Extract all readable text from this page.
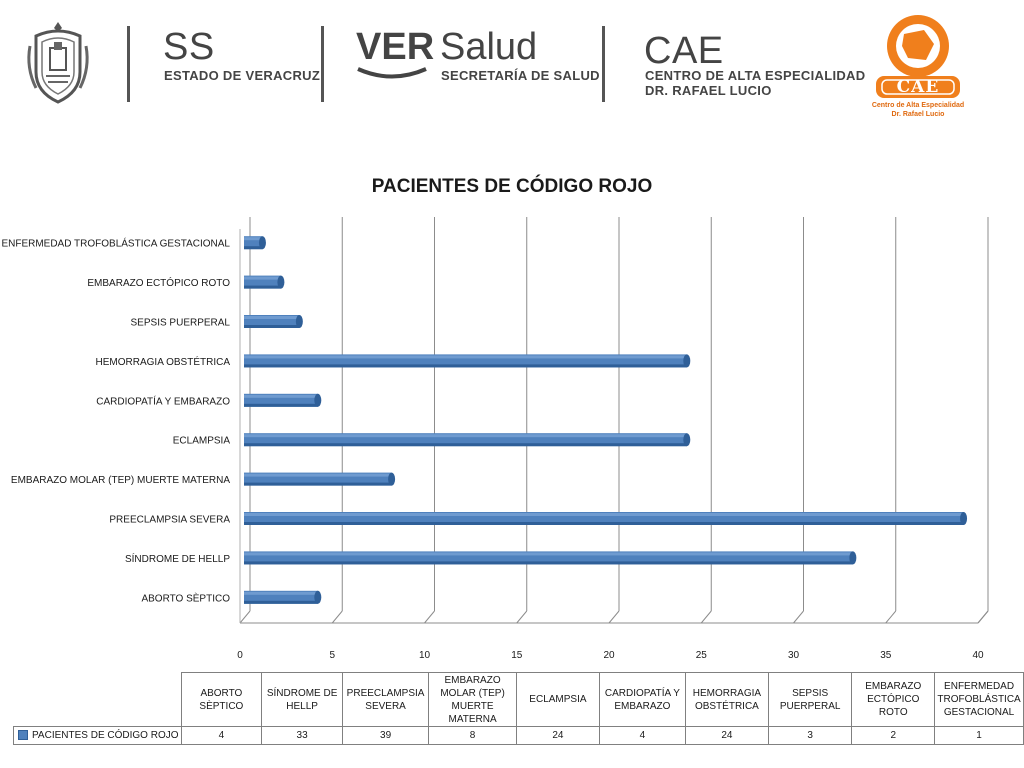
SS
ESTADO DE VERACRUZ
VER Salud
SECRETARÍA DE SALUD
CAE
CENTRO DE ALTA ESPECIALIDAD
DR. RAFAEL LUCIO	CAE
Centro de Alta Especialidad
Dr. Rafael Lucio
PACIENTES DE CÓDIGO ROJO
0	5	10	15	20	25	30	35	40
ABORTO SÈPTICO
SÍNDROME DE HELLP
PREECLAMPSIA SEVERA
EMBARAZO MOLAR (TEP) MUERTE MATERNA
ECLAMPSIA
CARDIOPATÍA Y EMBARAZO
HEMORRAGIA OBSTÉTRICA
SEPSIS PUERPERAL
EMBARAZO ECTÓPICO ROTO
ENFERMEDAD TROFOBLÁSTICA GESTACIONAL
	ABORTO SÈPTICO	SÍNDROME DE HELLP	PREECLAMPSIA SEVERA	EMBARAZO MOLAR (TEP) MUERTE MATERNA	ECLAMPSIA	CARDIOPATÍA Y EMBARAZO	HEMORRAGIA OBSTÉTRICA	SEPSIS PUERPERAL	EMBARAZO ECTÓPICO ROTO	ENFERMEDAD TROFOBLÁSTICA GESTACIONAL
PACIENTES DE CÓDIGO ROJO	4	33	39	8	24	4	24	3	2	1
